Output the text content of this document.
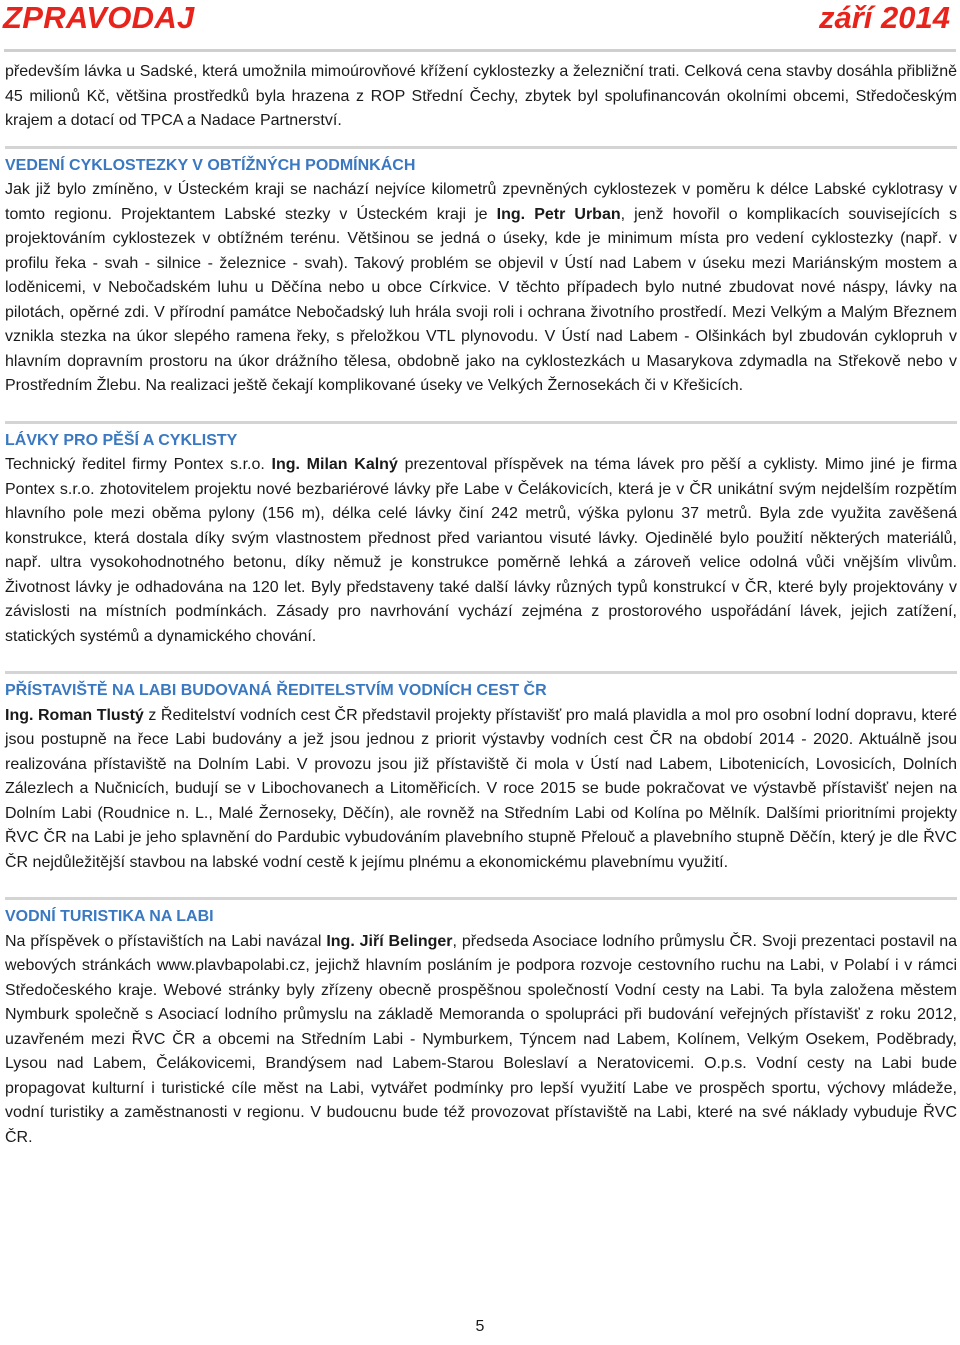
ZPRAVODAJ	září 2014

především lávka u Sadské, která umožnila mimoúrovňové křížení cyklostezky a železniční trati. Celková cena stavby dosáhla přibližně 45 milionů Kč, většina prostředků byla hrazena z ROP Střední Čechy, zbytek byl spolufinancován okolními obcemi, Středočeským krajem a dotací od TPCA a Nadace Partnerství.

VEDENÍ CYKLOSTEZKY V OBTÍŽNÝCH PODMÍNKÁCH

Jak již bylo zmíněno, v Ústeckém kraji se nachází nejvíce kilometrů zpevněných cyklostezek v poměru k délce Labské cyklotrasy v tomto regionu. Projektantem Labské stezky v Ústeckém kraji je Ing. Petr Urban, jenž hovořil o komplikacích souvisejících s projektováním cyklostezek v obtížném terénu. Většinou se jedná o úseky, kde je minimum místa pro vedení cyklostezky (např. v profilu řeka - svah - silnice - železnice - svah). Takový problém se objevil v Ústí nad Labem v úseku mezi Mariánským mostem a loděnicemi, v Nebočadském luhu u Děčína nebo u obce Církvice. V těchto případech bylo nutné zbudovat nové náspy, lávky na pilotách, opěrné zdi. V přírodní památce Nebočadský luh hrála svoji roli i ochrana životního prostředí. Mezi Velkým a Malým Březnem vznikla stezka na úkor slepého ramena řeky, s přeložkou VTL plynovodu. V Ústí nad Labem - Olšinkách byl zbudován cyklopruh v hlavním dopravním prostoru na úkor drážního tělesa, obdobně jako na cyklostezkách u Masarykova zdymadla na Střekově nebo v Prostředním Žlebu. Na realizaci ještě čekají komplikované úseky ve Velkých Žernosekách či v Křešicích.

LÁVKY PRO PĚŠÍ A CYKLISTY

Technický ředitel firmy Pontex s.r.o. Ing. Milan Kalný prezentoval příspěvek na téma lávek pro pěší a cyklisty. Mimo jiné je firma Pontex s.r.o. zhotovitelem projektu nové bezbariérové lávky pře Labe v Čelákovicích, která je v ČR unikátní svým nejdelším rozpětím hlavního pole mezi oběma pylony (156 m), délka celé lávky činí 242 metrů, výška pylonu 37 metrů. Byla zde využita zavěšená konstrukce, která dostala díky svým vlastnostem přednost před variantou visuté lávky. Ojedinělé bylo použití některých materiálů, např. ultra vysokohodnotného betonu, díky němuž je konstrukce poměrně lehká a zároveň velice odolná vůči vnějším vlivům. Životnost lávky je odhadována na 120 let. Byly představeny také další lávky různých typů konstrukcí v ČR, které byly projektovány v závislosti na místních podmínkách. Zásady pro navrhování vychází zejména z prostorového uspořádání lávek, jejich zatížení, statických systémů a dynamického chování.

PŘÍSTAVIŠTĚ NA LABI BUDOVANÁ ŘEDITELSTVÍM VODNÍCH CEST ČR

Ing. Roman Tlustý z Ředitelství vodních cest ČR představil projekty přístavišť pro malá plavidla a mol pro osobní lodní dopravu, které jsou postupně na řece Labi budovány a jež jsou jednou z priorit výstavby vodních cest ČR na období 2014 - 2020. Aktuálně jsou realizována přístaviště na Dolním Labi. V provozu jsou již přístaviště či mola v Ústí nad Labem, Libotenicích, Lovosicích, Dolních Zálezlech a Nučnicích, budují se v Libochovanech a Litoměřicích. V roce 2015 se bude pokračovat ve výstavbě přístavišť nejen na Dolním Labi (Roudnice n. L., Malé Žernoseky, Děčín), ale rovněž na Středním Labi od Kolína po Mělník. Dalšími prioritními projekty ŘVC ČR na Labi je jeho splavnění do Pardubic vybudováním plavebního stupně Přelouč a plavebního stupně Děčín, který je dle ŘVC ČR nejdůležitější stavbou na labské vodní cestě k jejímu plnému a ekonomickému plavebnímu využití.

VODNÍ TURISTIKA NA LABI

Na příspěvek o přístavištích na Labi navázal Ing. Jiří Belinger, předseda Asociace lodního průmyslu ČR. Svoji prezentaci postavil na webových stránkách www.plavbapolabi.cz, jejichž hlavním posláním je podpora rozvoje cestovního ruchu na Labi, v Polabí i v rámci Středočeského kraje. Webové stránky byly zřízeny obecně prospěšnou společností Vodní cesty na Labi. Ta byla založena městem Nymburk společně s Asociací lodního průmyslu na základě Memoranda o spolupráci při budování veřejných přístavišť z roku 2012, uzavřeném mezi ŘVC ČR a obcemi na Středním Labi - Nymburkem, Týncem nad Labem, Kolínem, Velkým Osekem, Poděbrady, Lysou nad Labem, Čelákovicemi, Brandýsem nad Labem-Starou Boleslaví a Neratovicemi. O.p.s. Vodní cesty na Labi bude propagovat kulturní i turistické cíle měst na Labi, vytvářet podmínky pro lepší využití Labe ve prospěch sportu, výchovy mládeže, vodní turistiky a zaměstnanosti v regionu. V budoucnu bude též provozovat přístaviště na Labi, které na své náklady vybuduje ŘVC ČR.

5
